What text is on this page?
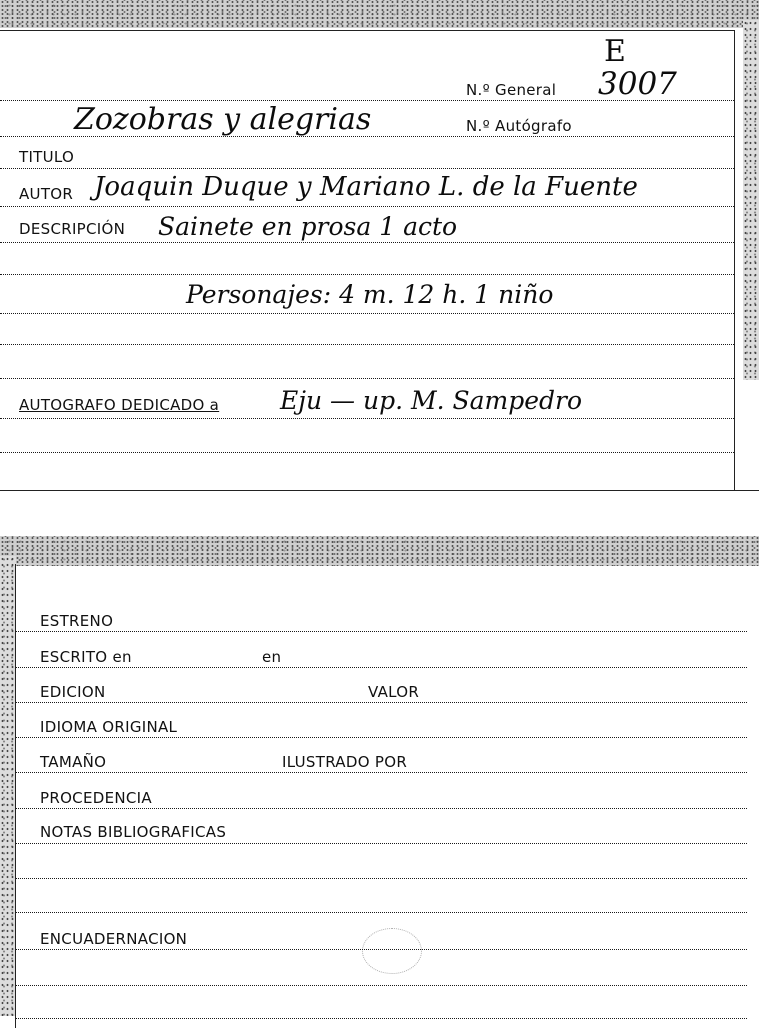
E
N.º General 3007
Zozobras y alegrias	N.º Autógrafo
TITULO
AUTOR Joaquin Duque y Mariano L. de la Fuente
DESCRIPCIÓN Sainete en prosa 1 acto
Personajes: 4 m. 12 h. 1 niño
AUTOGRAFO DEDICADO a Eju — up. M. Sampedro
ESTRENO
ESCRITO en	en
EDICION	VALOR
IDIOMA ORIGINAL
TAMAÑO	ILUSTRADO POR
PROCEDENCIA
NOTAS BIBLIOGRAFICAS
ENCUADERNACION
